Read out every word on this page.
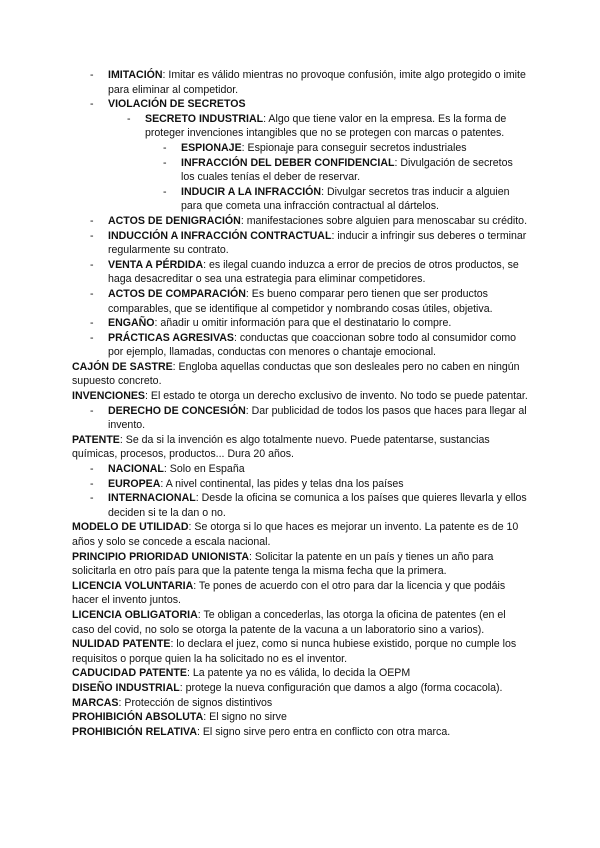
- IMITACIÓN: Imitar es válido mientras no provoque confusión, imite algo protegido o imite para eliminar al competidor.
- VIOLACIÓN DE SECRETOS
- SECRETO INDUSTRIAL: Algo que tiene valor en la empresa. Es la forma de proteger invenciones intangibles que no se protegen con marcas o patentes.
- ESPIONAJE: Espionaje para conseguir secretos industriales
- INFRACCIÓN DEL DEBER CONFIDENCIAL: Divulgación de secretos los cuales tenías el deber de reservar.
- INDUCIR A LA INFRACCIÓN: Divulgar secretos tras inducir a alguien para que cometa una infracción contractual al dártelos.
- ACTOS DE DENIGRACIÓN: manifestaciones sobre alguien para menoscabar su crédito.
- INDUCCIÓN A INFRACCIÓN CONTRACTUAL: inducir a infringir sus deberes o terminar regularmente su contrato.
- VENTA A PÉRDIDA: es ilegal cuando induzca a error de precios de otros productos, se haga desacreditar o sea una estrategia para eliminar competidores.
- ACTOS DE COMPARACIÓN: Es bueno comparar pero tienen que ser productos comparables, que se identifique al competidor y nombrando cosas útiles, objetiva.
- ENGAÑO: añadir u omitir información para que el destinatario lo compre.
- PRÁCTICAS AGRESIVAS: conductas que coaccionan sobre todo al consumidor como por ejemplo, llamadas, conductas con menores o chantaje emocional.
CAJÓN DE SASTRE: Engloba aquellas conductas que son desleales pero no caben en ningún supuesto concreto.
INVENCIONES: El estado te otorga un derecho exclusivo de invento. No todo se puede patentar.
- DERECHO DE CONCESIÓN: Dar publicidad de todos los pasos que haces para llegar al invento.
PATENTE: Se da si la invención es algo totalmente nuevo. Puede patentarse, sustancias químicas, procesos, productos... Dura 20 años.
- NACIONAL: Solo en España
- EUROPEA: A nivel continental, las pides y telas dna los países
- INTERNACIONAL: Desde la oficina se comunica a los países que quieres llevarla y ellos deciden si te la dan o no.
MODELO DE UTILIDAD: Se otorga si lo que haces es mejorar un invento. La patente es de 10 años y solo se concede a escala nacional.
PRINCIPIO PRIORIDAD UNIONISTA: Solicitar la patente en un país y tienes un año para solicitarla en otro país para que la patente tenga la misma fecha que la primera.
LICENCIA VOLUNTARIA: Te pones de acuerdo con el otro para dar la licencia y que podáis hacer el invento juntos.
LICENCIA OBLIGATORIA: Te obligan a concederlas, las otorga la oficina de patentes (en el caso del covid, no solo se otorga la patente de la vacuna a un laboratorio sino a varios).
NULIDAD PATENTE: lo declara el juez, como si nunca hubiese existido, porque no cumple los requisitos o porque quien la ha solicitado no es el inventor.
CADUCIDAD PATENTE: La patente ya no es válida, lo decida la OEPM
DISEÑO INDUSTRIAL: protege la nueva configuración que damos a algo (forma cocacola).
MARCAS: Protección de signos distintivos
PROHIBICIÓN ABSOLUTA: El signo no sirve
PROHIBICIÓN RELATIVA: El signo sirve pero entra en conflicto con otra marca.
